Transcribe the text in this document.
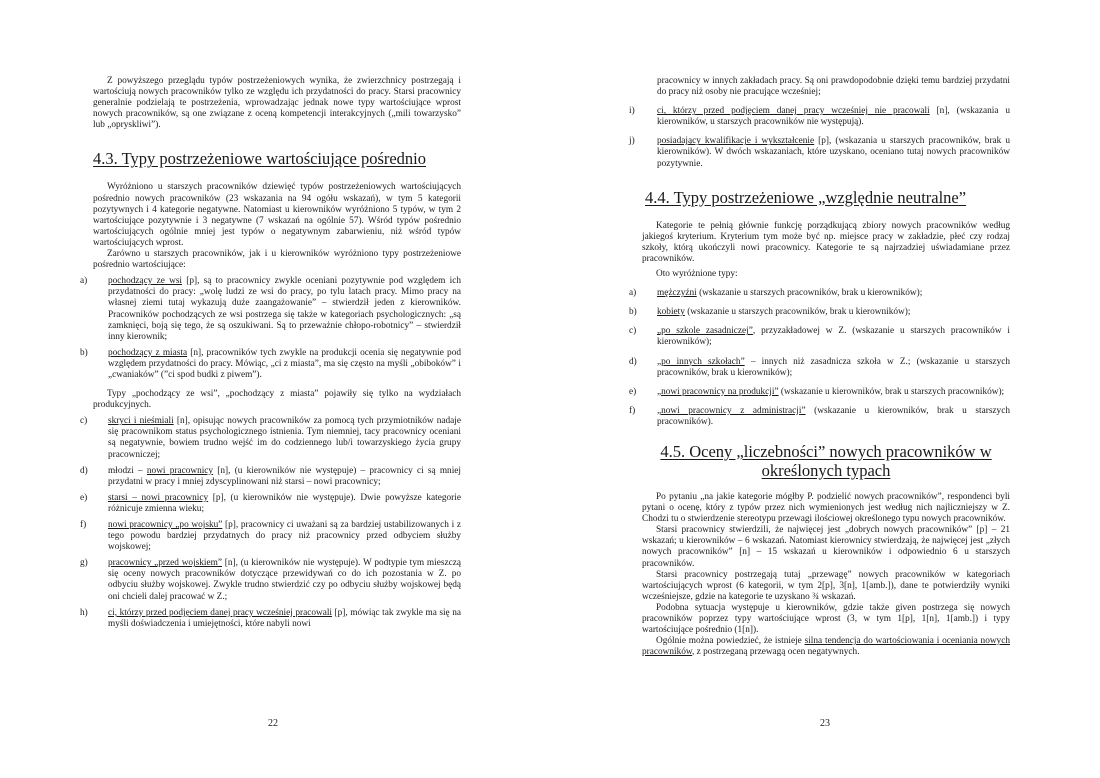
Z powyższego przeglądu typów postrzeżeniowych wynika, że zwierzchnicy postrzegają i wartościują nowych pracowników tylko ze względu ich przydatności do pracy. Starsi pracownicy generalnie podzielają te postrzeżenia, wprowadzając jednak nowe typy wartościujące wprost nowych pracowników, są one związane z oceną kompetencji interakcyjnych („mili towarzysko” lub „opryskliwi”).

4.3. Typy postrzeżeniowe wartościujące pośrednio

Wyróżniono u starszych pracowników dziewięć typów postrzeżeniowych wartościujących pośrednio nowych pracowników (23 wskazania na 94 ogółu wskazań), w tym 5 kategorii pozytywnych i 4 kategorie negatywne. Natomiast u kierowników wyróżniono 5 typów, w tym 2 wartościujące pozytywnie i 3 negatywne (7 wskazań na ogólnie 57). Wśród typów pośrednio wartościujących ogólnie mniej jest typów o negatywnym zabarwieniu, niż wśród typów wartościujących wprost.

Zarówno u starszych pracowników, jak i u kierowników wyróżniono typy postrzeżeniowe pośrednio wartościujące:

a)	pochodzący ze wsi [p], są to pracownicy zwykle oceniani pozytywnie pod względem ich przydatności do pracy: „wolę ludzi ze wsi do pracy, po tylu latach pracy. Mimo pracy na własnej ziemi tutaj wykazują duże zaangażowanie” – stwierdził jeden z kierowników. Pracowników pochodzących ze wsi postrzega się także w kategoriach psychologicznych: „są zamknięci, boją się tego, że są oszukiwani. Są to przeważnie chłopo-robotnicy” – stwierdził inny kierownik;
b)	pochodzący z miasta [n], pracowników tych zwykle na produkcji ocenia się negatywnie pod względem przydatności do pracy. Mówiąc, „ci z miasta”, ma się często na myśli „obiboków” i „cwaniaków” (”ci spod budki z piwem”).

Typy „pochodzący ze wsi”, „pochodzący z miasta” pojawiły się tylko na wydziałach produkcyjnych.

c)	skryci i nieśmiali [n], opisując nowych pracowników za pomocą tych przymiotników nadaje się pracownikom status psychologicznego istnienia. Tym niemniej, tacy pracownicy oceniani są negatywnie, bowiem trudno wejść im do codziennego lub/i towarzyskiego życia grupy pracowniczej;
d)	młodzi – nowi pracownicy [n], (u kierowników nie występuje) – pracownicy ci są mniej przydatni w pracy i mniej zdyscyplinowani niż starsi – nowi pracownicy;
e)	starsi – nowi pracownicy [p], (u kierowników nie występuje). Dwie powyższe kategorie różnicuje zmienna wieku;
f)	nowi pracownicy „po wojsku” [p], pracownicy ci uważani są za bardziej ustabilizowanych i z tego powodu bardziej przydatnych do pracy niż pracownicy przed odbyciem służby wojskowej;
g)	pracownicy „przed wojskiem” [n], (u kierowników nie występuje). W podtypie tym mieszczą się oceny nowych pracowników dotyczące przewidywań co do ich pozostania w Z. po odbyciu służby wojskowej. Zwykle trudno stwierdzić czy po odbyciu służby wojskowej będą oni chcieli dalej pracować w Z.;
h)	ci, którzy przed podjęciem danej pracy wcześniej pracowali [p], mówiąc tak zwykle ma się na myśli doświadczenia i umiejętności, które nabyli nowi
22
pracownicy w innych zakładach pracy. Są oni prawdopodobnie dzięki temu bardziej przydatni do pracy niż osoby nie pracujące wcześniej;
i)	ci, którzy przed podjęciem danej pracy wcześniej nie pracowali [n], (wskazania u kierowników, u starszych pracowników nie występują).
j)	posiadający kwalifikacje i wykształcenie [p], (wskazania u starszych pracowników, brak u kierowników). W dwóch wskazaniach, które uzyskano, oceniano tutaj nowych pracowników pozytywnie.
4.4. Typy postrzeżeniowe „względnie neutralne”

Kategorie te pełnią głównie funkcję porządkującą zbiory nowych pracowników według jakiegoś kryterium. Kryterium tym może być np. miejsce pracy w zakładzie, płeć czy rodzaj szkoły, którą ukończyli nowi pracownicy. Kategorie te są najrzadziej uświadamiane przez pracowników.

Oto wyróżnione typy:

a)	mężczyźni (wskazanie u starszych pracowników, brak u kierowników);
b)	kobiety (wskazanie u starszych pracowników, brak u kierowników);
c)	„po szkole zasadniczej”, przyzakładowej w Z. (wskazanie u starszych pracowników i kierowników);
d)	„po innych szkołach” – innych niż zasadnicza szkoła w Z.; (wskazanie u starszych pracowników, brak u kierowników);
e)	„nowi pracownicy na produkcji” (wskazanie u kierowników, brak u starszych pracowników);
f)	„nowi pracownicy z administracji” (wskazanie u kierowników, brak u starszych pracowników).
4.5. Oceny „liczebności” nowych pracowników w określonych typach

Po pytaniu „na jakie kategorie mógłby P. podzielić nowych pracowników”, respondenci byli pytani o ocenę, który z typów przez nich wymienionych jest według nich najliczniejszy w Z. Chodzi tu o stwierdzenie stereotypu przewagi ilościowej określonego typu nowych pracowników.

Starsi pracownicy stwierdzili, że najwięcej jest „dobrych nowych pracowników” [p] – 21 wskazań; u kierowników – 6 wskazań. Natomiast kierownicy stwierdzają, że najwięcej jest „złych nowych pracowników” [n] – 15 wskazań u kierowników i odpowiednio 6 u starszych pracowników.

Starsi pracownicy postrzegają tutaj „przewagę” nowych pracowników w kategoriach wartościujących wprost (6 kategorii, w tym 2[p], 3[n], 1[amb.]), dane te potwierdziły wyniki wcześniejsze, gdzie na kategorie te uzyskano ¾ wskazań.

Podobna sytuacja występuje u kierowników, gdzie także given postrzega się nowych pracowników poprzez typy wartościujące wprost (3, w tym 1[p], 1[n], 1[amb.]) i typy wartościujące pośrednio (1[n]).

Ogólnie można powiedzieć, że istnieje silna tendencja do wartościowania i oceniania nowych pracowników, z postrzeganą przewagą ocen negatywnych.

23
